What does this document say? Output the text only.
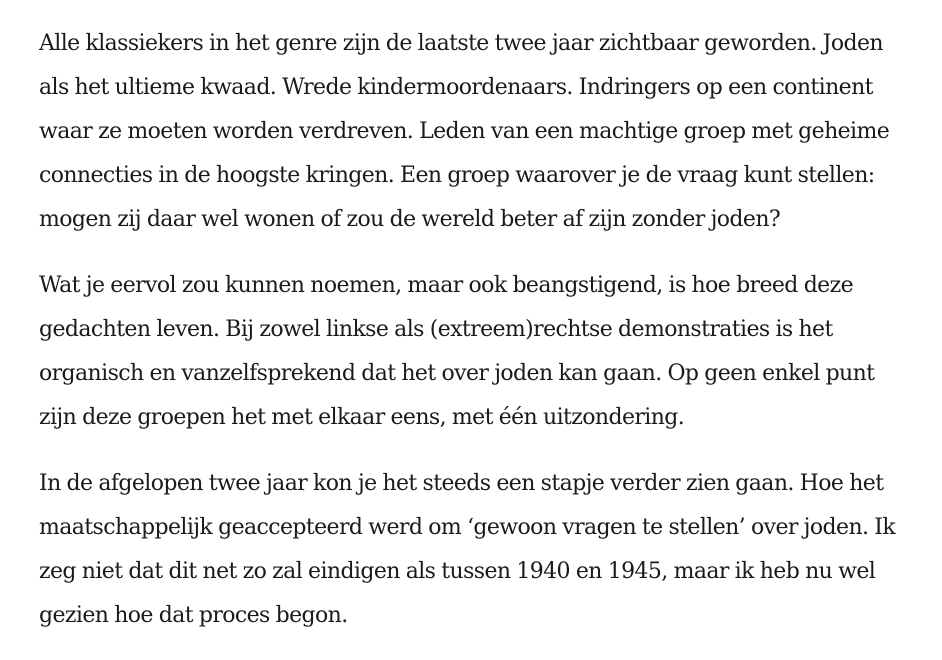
Alle klassiekers in het genre zijn de laatste twee jaar zichtbaar geworden. Joden
als het ultieme kwaad. Wrede kindermoordenaars. Indringers op een continent
waar ze moeten worden verdreven. Leden van een machtige groep met geheime
connecties in de hoogste kringen. Een groep waarover je de vraag kunt stellen:
mogen zij daar wel wonen of zou de wereld beter af zijn zonder joden?

Wat je eervol zou kunnen noemen, maar ook beangstigend, is hoe breed deze
gedachten leven. Bij zowel linkse als (extreem)rechtse demonstraties is het
organisch en vanzelfsprekend dat het over joden kan gaan. Op geen enkel punt
zijn deze groepen het met elkaar eens, met één uitzondering.

In de afgelopen twee jaar kon je het steeds een stapje verder zien gaan. Hoe het
maatschappelijk geaccepteerd werd om ‘gewoon vragen te stellen’ over joden. Ik
zeg niet dat dit net zo zal eindigen als tussen 1940 en 1945, maar ik heb nu wel
gezien hoe dat proces begon.
